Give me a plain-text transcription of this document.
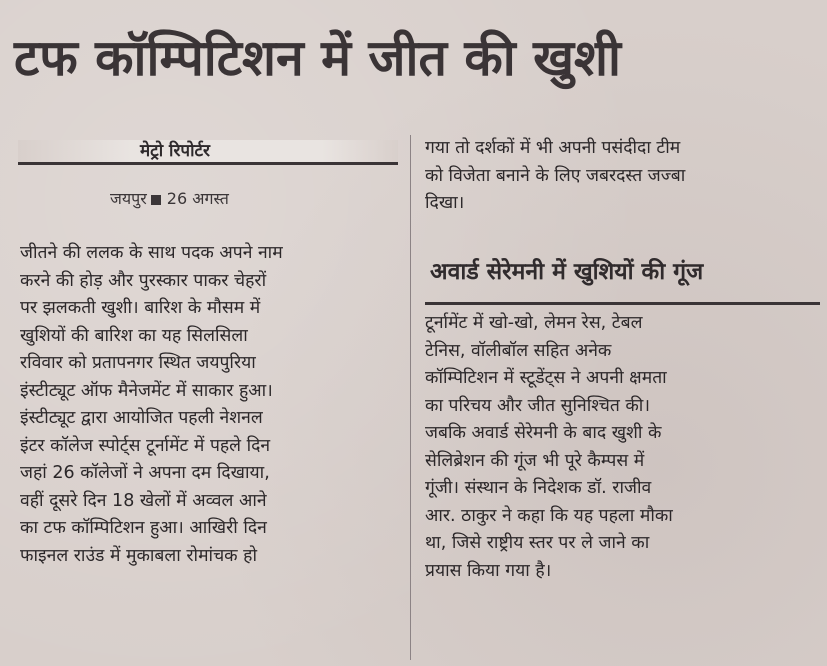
टफ कॉम्पिटिशन में जीत की खुशी
मेट्रो रिपोर्टर
जयपुर 26 अगस्त
जीतने की ललक के साथ पदक अपने नाम
करने की होड़ और पुरस्कार पाकर चेहरों
पर झलकती खुशी। बारिश के मौसम में
खुशियों की बारिश का यह सिलसिला
रविवार को प्रतापनगर स्थित जयपुरिया
इंस्टीट्यूट ऑफ मैनेजमेंट में साकार हुआ।
इंस्टीट्यूट द्वारा आयोजित पहली नेशनल
इंटर कॉलेज स्पोर्ट्स टूर्नामेंट में पहले दिन
जहां 26 कॉलेजों ने अपना दम दिखाया,
वहीं दूसरे दिन 18 खेलों में अव्वल आने
का टफ कॉम्पिटिशन हुआ। आखिरी दिन
फाइनल राउंड में मुकाबला रोमांचक हो
गया तो दर्शकों में भी अपनी पसंदीदा टीम
को विजेता बनाने के लिए जबरदस्त जज्बा
दिखा।
अवार्ड सेरेमनी में खुशियों की गूंज
टूर्नामेंट में खो-खो, लेमन रेस, टेबल
टेनिस, वॉलीबॉल सहित अनेक
कॉम्पिटिशन में स्टूडेंट्स ने अपनी क्षमता
का परिचय और जीत सुनिश्चित की।
जबकि अवार्ड सेरेमनी के बाद खुशी के
सेलिब्रेशन की गूंज भी पूरे कैम्पस में
गूंजी। संस्थान के निदेशक डॉ. राजीव
आर. ठाकुर ने कहा कि यह पहला मौका
था, जिसे राष्ट्रीय स्तर पर ले जाने का
प्रयास किया गया है।
